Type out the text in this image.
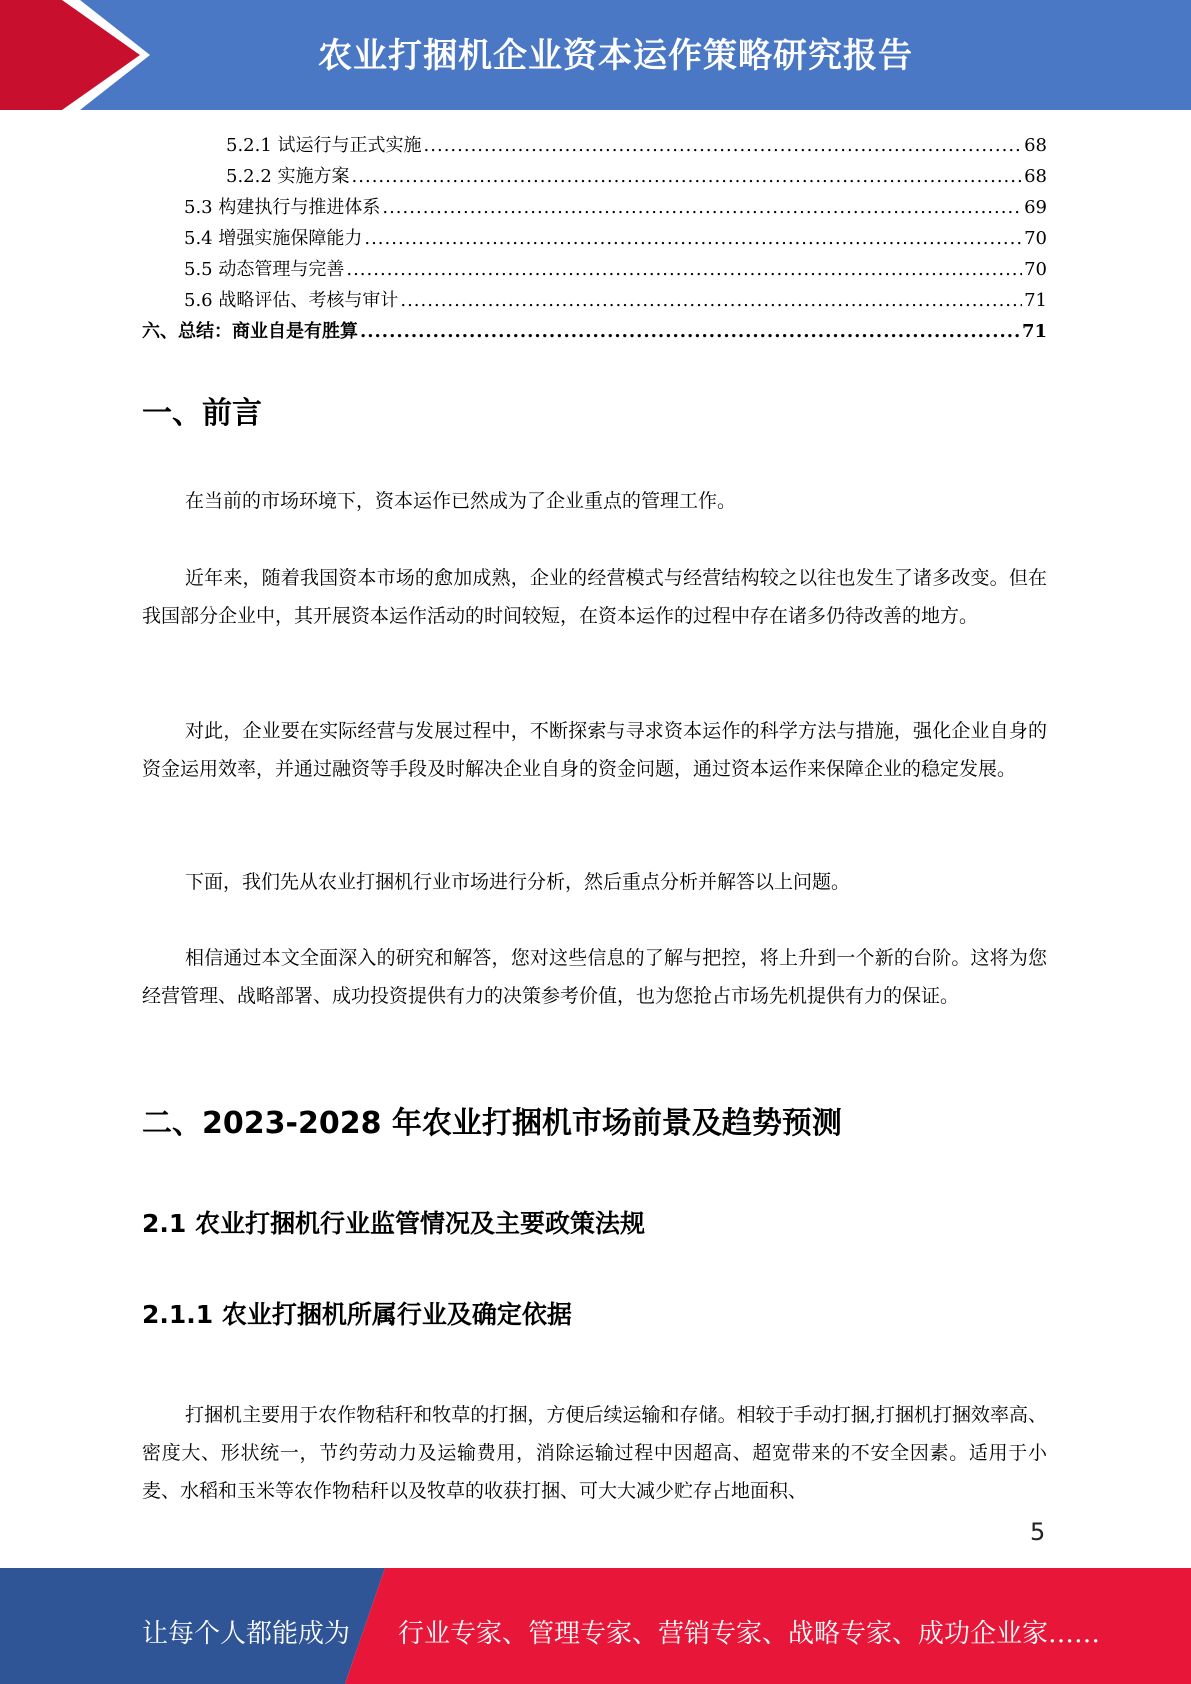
农业打捆机企业资本运作策略研究报告
5.2.1 试运行与正式实施 .....	68
5.2.2 实施方案 .....	68
5.3 构建执行与推进体系 .....	69
5.4 增强实施保障能力 .....	70
5.5 动态管理与完善 .....	70
5.6 战略评估、考核与审计 .....	71
六、总结：商业自是有胜算 .....	71
一、前言
在当前的市场环境下，资本运作已然成为了企业重点的管理工作。
近年来，随着我国资本市场的愈加成熟，企业的经营模式与经营结构较之以往也发生了诸多改变。但在我国部分企业中，其开展资本运作活动的时间较短，在资本运作的过程中存在诸多仍待改善的地方。
对此，企业要在实际经营与发展过程中，不断探索与寻求资本运作的科学方法与措施，强化企业自身的资金运用效率，并通过融资等手段及时解决企业自身的资金问题，通过资本运作来保障企业的稳定发展。
下面，我们先从农业打捆机行业市场进行分析，然后重点分析并解答以上问题。
相信通过本文全面深入的研究和解答，您对这些信息的了解与把控，将上升到一个新的台阶。这将为您经营管理、战略部署、成功投资提供有力的决策参考价值，也为您抢占市场先机提供有力的保证。
二、2023-2028 年农业打捆机市场前景及趋势预测
2.1 农业打捆机行业监管情况及主要政策法规
2.1.1 农业打捆机所属行业及确定依据
打捆机主要用于农作物秸秆和牧草的打捆，方便后续运输和存储。相较于手动打捆,打捆机打捆效率高、密度大、形状统一，节约劳动力及运输费用，消除运输过程中因超高、超宽带来的不安全因素。适用于小麦、水稻和玉米等农作物秸秆以及牧草的收获打捆、可大大减少贮存占地面积、
5
让每个人都能成为 行业专家、管理专家、营销专家、战略专家、成功企业家……
